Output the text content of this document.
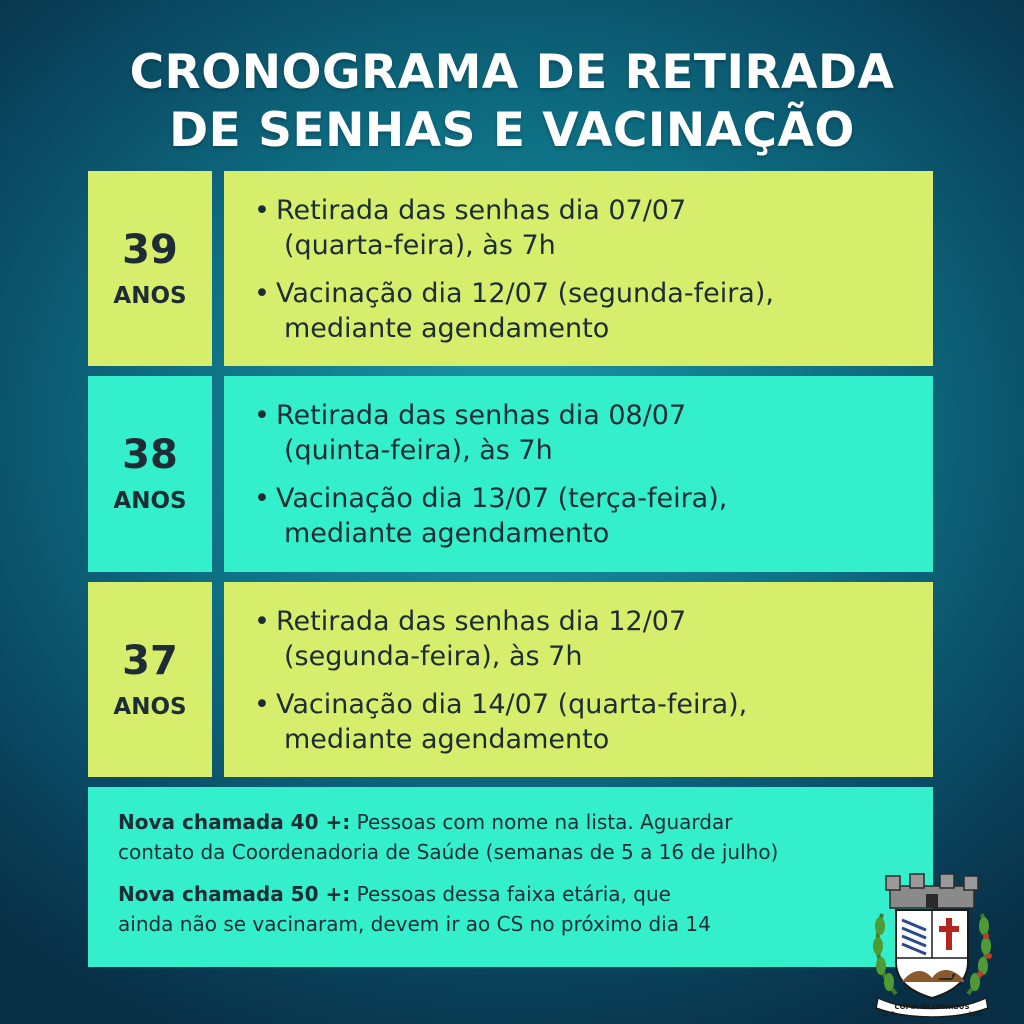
CRONOGRAMA DE RETIRADA
DE SENHAS E VACINAÇÃO
39
ANOS
• Retirada das senhas dia 07/07
(quarta-feira), às 7h
• Vacinação dia 12/07 (segunda-feira),
mediante agendamento
38
ANOS
• Retirada das senhas dia 08/07
(quinta-feira), às 7h
• Vacinação dia 13/07 (terça-feira),
mediante agendamento
37
ANOS
• Retirada das senhas dia 12/07
(segunda-feira), às 7h
• Vacinação dia 14/07 (quarta-feira),
mediante agendamento
Nova chamada 40 +: Pessoas com nome na lista. Aguardar
contato da Coordenadoria de Saúde (semanas de 5 a 16 de julho)
Nova chamada 50 +: Pessoas dessa faixa etária, que
ainda não se vacinaram, devem ir ao CS no próximo dia 14
COPIA IN OMNIBUS
31-3	1891
